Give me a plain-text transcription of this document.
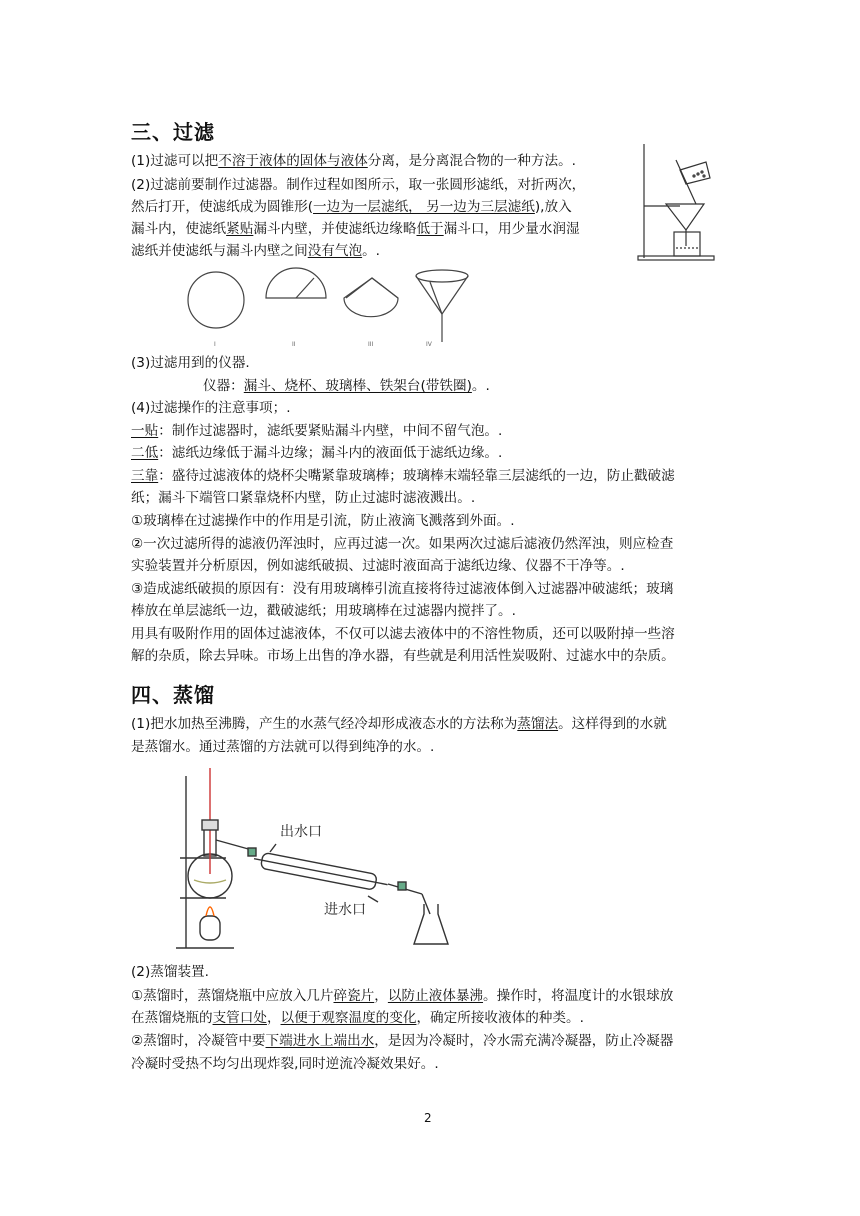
三、过滤
(1)过滤可以把不溶于液体的固体与液体分离，是分离混合物的一种方法。.
(2)过滤前要制作过滤器。制作过程如图所示，取一张圆形滤纸，对折两次，
然后打开，使滤纸成为圆锥形(一边为一层滤纸， 另一边为三层滤纸),放入
漏斗内，使滤纸紧贴漏斗内壁，并使滤纸边缘略低于漏斗口，用少量水润湿
滤纸并使滤纸与漏斗内壁之间没有气泡。.
I	II	III	IV
(3)过滤用到的仪器.
仪器：漏斗、烧杯、玻璃棒、铁架台(带铁圈)。.
(4)过滤操作的注意事项；.
一贴：制作过滤器时，滤纸要紧贴漏斗内壁，中间不留气泡。.
二低：滤纸边缘低于漏斗边缘；漏斗内的液面低于滤纸边缘。.
三靠：盛待过滤液体的烧杯尖嘴紧靠玻璃棒；玻璃棒末端轻靠三层滤纸的一边，防止戳破滤
纸；漏斗下端管口紧靠烧杯内壁，防止过滤时滤液溅出。.
①玻璃棒在过滤操作中的作用是引流，防止液滴飞溅落到外面。.
②一次过滤所得的滤液仍浑浊时，应再过滤一次。如果两次过滤后滤液仍然浑浊，则应检查
实验装置并分析原因，例如滤纸破损、过滤时液面高于滤纸边缘、仪器不干净等。.
③造成滤纸破损的原因有：没有用玻璃棒引流直接将待过滤液体倒入过滤器冲破滤纸；玻璃
棒放在单层滤纸一边，戳破滤纸；用玻璃棒在过滤器内搅拌了。.
用具有吸附作用的固体过滤液体，不仅可以滤去液体中的不溶性物质，还可以吸附掉一些溶
解的杂质，除去异味。市场上出售的净水器，有些就是利用活性炭吸附、过滤水中的杂质。
四、蒸馏
(1)把水加热至沸腾，产生的水蒸气经冷却形成液态水的方法称为蒸馏法。这样得到的水就
是蒸馏水。通过蒸馏的方法就可以得到纯净的水。.
出水口
进水口
(2)蒸馏装置.
①蒸馏时，蒸馏烧瓶中应放入几片碎瓷片，以防止液体暴沸。操作时，将温度计的水银球放
在蒸馏烧瓶的支管口处，以便于观察温度的变化，确定所接收液体的种类。.
②蒸馏时，冷凝管中要下端进水上端出水，是因为冷凝时，冷水需充满冷凝器，防止冷凝器
冷凝时受热不均匀出现炸裂,同时逆流冷凝效果好。.
2
